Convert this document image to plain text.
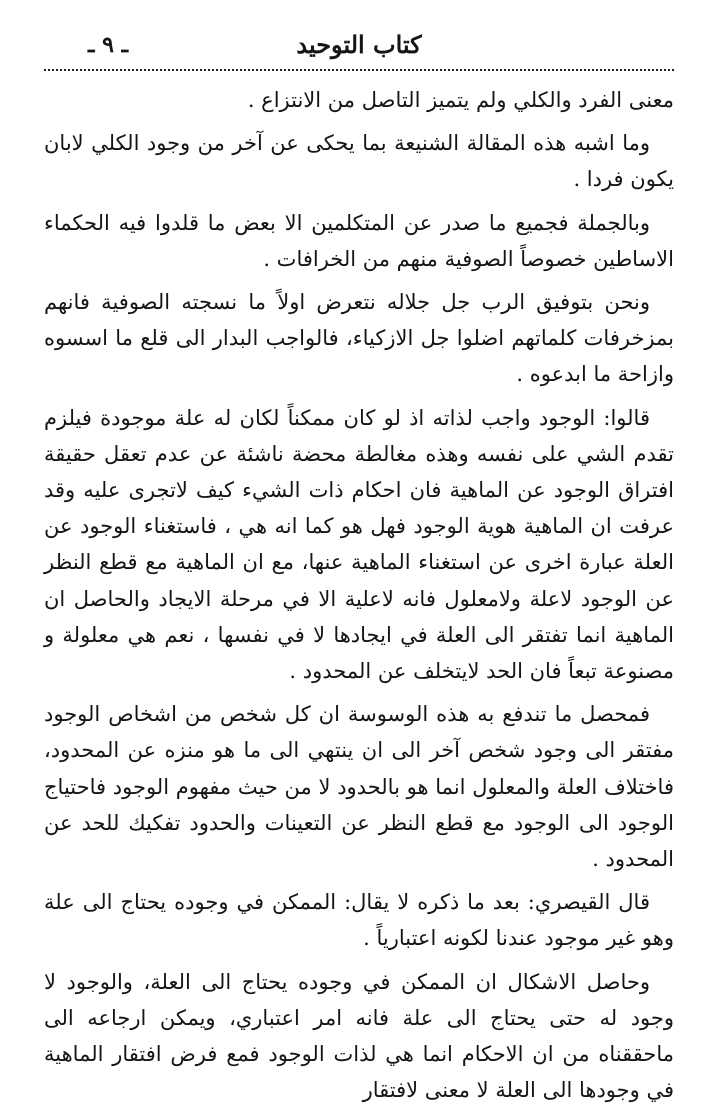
ـ ٩ ـ	كتاب التوحيد

معنى الفرد والكلي ولم يتميز التاصل من الانتزاع .

وما اشبه هذه المقالة الشنيعة بما يحكى عن آخر من وجود الكلي لابان يكون فردا .

وبالجملة فجميع ما صدر عن المتكلمين الا بعض ما قلدوا فيه الحكماء الاساطين خصوصاً الصوفية منهم من الخرافات .

ونحن بتوفيق الرب جل جلاله نتعرض اولاً ما نسجته الصوفية فانهم بمزخرفات كلماتهم اضلوا جل الازكياء، فالواجب البدار الى قلع ما اسسوه وازاحة ما ابدعوه .

قالوا: الوجود واجب لذاته اذ لو كان ممكناً لكان له علة موجودة فيلزم تقدم الشي على نفسه وهذه مغالطة محضة ناشئة عن عدم تعقل حقيقة افتراق الوجود عن الماهية فان احكام ذات الشيء كيف لاتجرى عليه وقد عرفت ان الماهية هوية الوجود فهل هو كما انه هي ، فاستغناء الوجود عن العلة عبارة اخرى عن استغناء الماهية عنها، مع ان الماهية مع قطع النظر عن الوجود لاعلة ولامعلول فانه لاعلية الا في مرحلة الايجاد والحاصل ان الماهية انما تفتقر الى العلة في ايجادها لا في نفسها ، نعم هي معلولة و مصنوعة تبعاً فان الحد لايتخلف عن المحدود .

فمحصل ما تندفع به هذه الوسوسة ان كل شخص من اشخاص الوجود مفتقر الى وجود شخص آخر الى ان ينتهي الى ما هو منزه عن المحدود، فاختلاف العلة والمعلول انما هو بالحدود لا من حيث مفهوم الوجود فاحتياج الوجود الى الوجود مع قطع النظر عن التعينات والحدود تفكيك للحد عن المحدود .

قال القيصري: بعد ما ذكره لا يقال: الممكن في وجوده يحتاج الى علة وهو غير موجود عندنا لكونه اعتبارياً .

وحاصل الاشكال ان الممكن في وجوده يحتاج الى العلة، والوجود لا وجود له حتى يحتاج الى علة فانه امر اعتباري، ويمكن ارجاعه الى ماحققناه من ان الاحكام انما هي لذات الوجود فمع فرض افتقار الماهية في وجودها الى العلة لا معنى لافتقار
